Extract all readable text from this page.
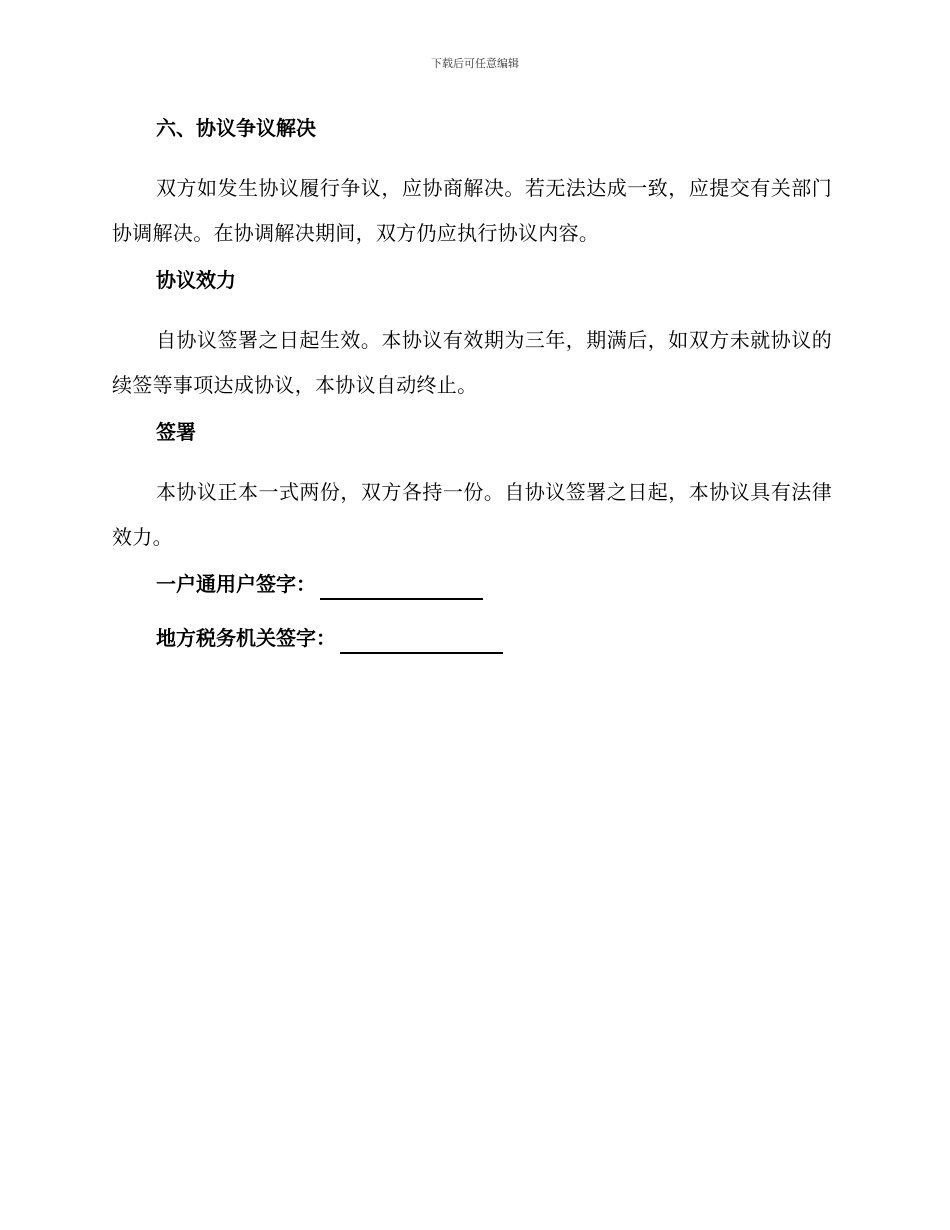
下载后可任意编辑
六、协议争议解决

双方如发生协议履行争议，应协商解决。若无法达成一致，应提交有关部门协调解决。在协调解决期间，双方仍应执行协议内容。

协议效力

自协议签署之日起生效。本协议有效期为三年，期满后，如双方未就协议的续签等事项达成协议，本协议自动终止。

签署

本协议正本一式两份，双方各持一份。自协议签署之日起，本协议具有法律效力。

一户通用户签字：
地方税务机关签字：
